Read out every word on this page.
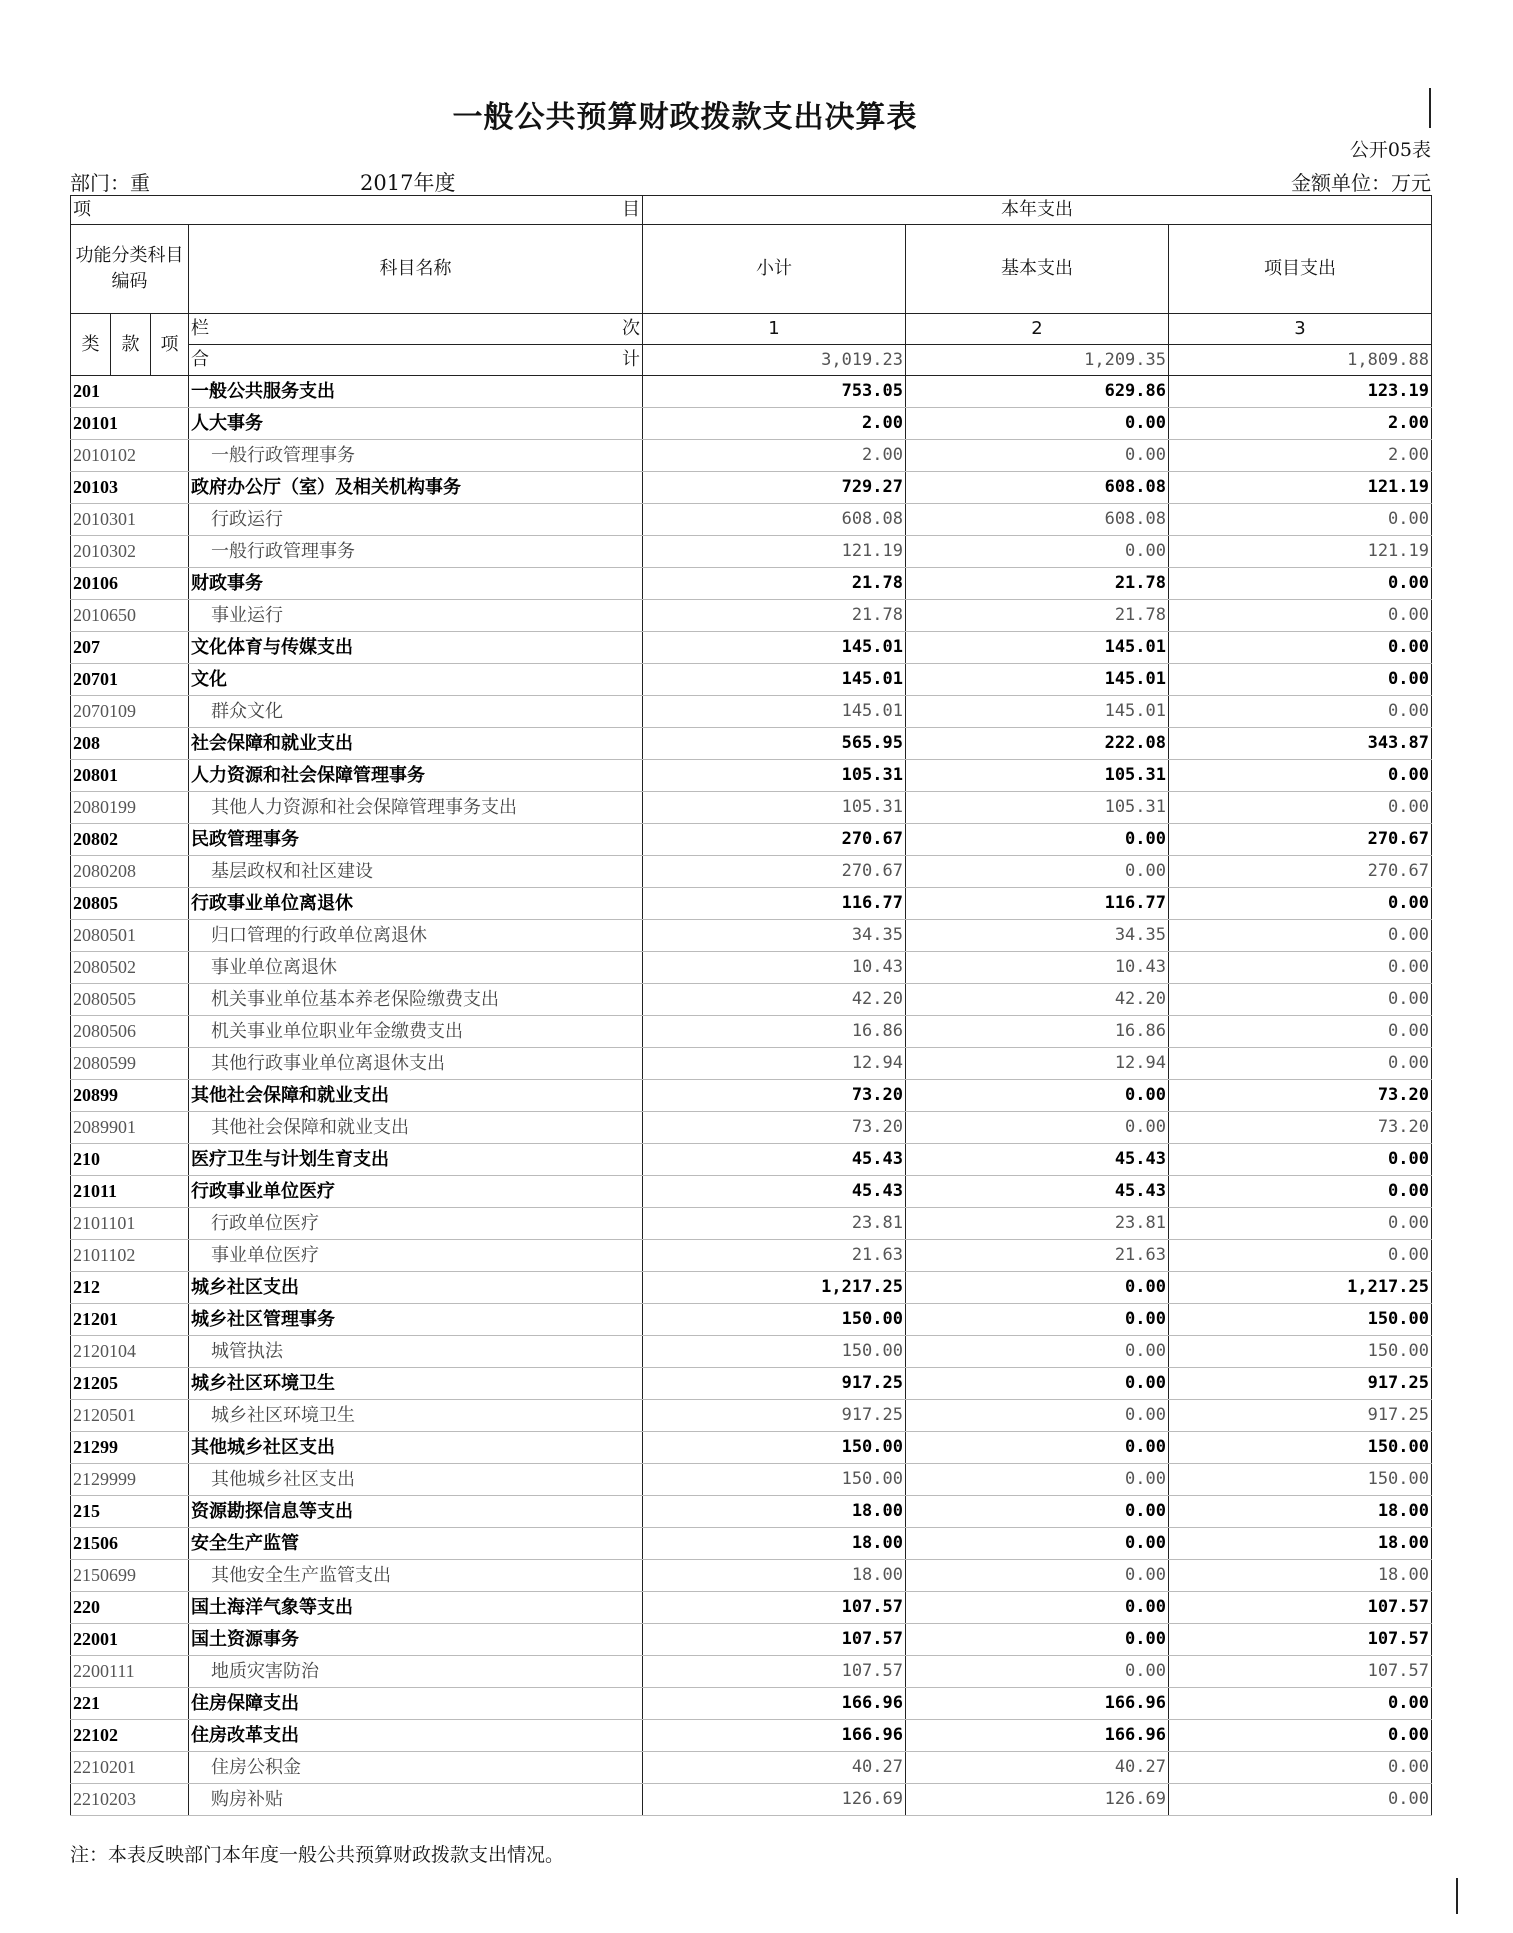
一般公共预算财政拨款支出决算表
公开05表
部门：重	2017年度	金额单位：万元
项 目				本年支出		
功能分类科目编码			科目名称	小计	基本支出	项目支出
类	款	项	栏 次	1	2	3

			合 计	3,019.23	1,209.35	1,809.88
201			一般公共服务支出	753.05	629.86	123.19
20101			人大事务	2.00	0.00	2.00
2010102			一般行政管理事务	2.00	0.00	2.00
20103			政府办公厅（室）及相关机构事务	729.27	608.08	121.19
2010301			行政运行	608.08	608.08	0.00
2010302			一般行政管理事务	121.19	0.00	121.19
20106			财政事务	21.78	21.78	0.00
2010650			事业运行	21.78	21.78	0.00
207			文化体育与传媒支出	145.01	145.01	0.00
20701			文化	145.01	145.01	0.00
2070109			群众文化	145.01	145.01	0.00
208			社会保障和就业支出	565.95	222.08	343.87
20801			人力资源和社会保障管理事务	105.31	105.31	0.00
2080199			其他人力资源和社会保障管理事务支出	105.31	105.31	0.00
20802			民政管理事务	270.67	0.00	270.67
2080208			基层政权和社区建设	270.67	0.00	270.67
20805			行政事业单位离退休	116.77	116.77	0.00
2080501			归口管理的行政单位离退休	34.35	34.35	0.00
2080502			事业单位离退休	10.43	10.43	0.00
2080505			机关事业单位基本养老保险缴费支出	42.20	42.20	0.00
2080506			机关事业单位职业年金缴费支出	16.86	16.86	0.00
2080599			其他行政事业单位离退休支出	12.94	12.94	0.00
20899			其他社会保障和就业支出	73.20	0.00	73.20
2089901			其他社会保障和就业支出	73.20	0.00	73.20
210			医疗卫生与计划生育支出	45.43	45.43	0.00
21011			行政事业单位医疗	45.43	45.43	0.00
2101101			行政单位医疗	23.81	23.81	0.00
2101102			事业单位医疗	21.63	21.63	0.00
212			城乡社区支出	1,217.25	0.00	1,217.25
21201			城乡社区管理事务	150.00	0.00	150.00
2120104			城管执法	150.00	0.00	150.00
21205			城乡社区环境卫生	917.25	0.00	917.25
2120501			城乡社区环境卫生	917.25	0.00	917.25
21299			其他城乡社区支出	150.00	0.00	150.00
2129999			其他城乡社区支出	150.00	0.00	150.00
215			资源勘探信息等支出	18.00	0.00	18.00
21506			安全生产监管	18.00	0.00	18.00
2150699			其他安全生产监管支出	18.00	0.00	18.00
220			国土海洋气象等支出	107.57	0.00	107.57
22001			国土资源事务	107.57	0.00	107.57
2200111			地质灾害防治	107.57	0.00	107.57
221			住房保障支出	166.96	166.96	0.00
22102			住房改革支出	166.96	166.96	0.00
2210201			住房公积金	40.27	40.27	0.00
2210203			购房补贴	126.69	126.69	0.00
注：本表反映部门本年度一般公共预算财政拨款支出情况。
